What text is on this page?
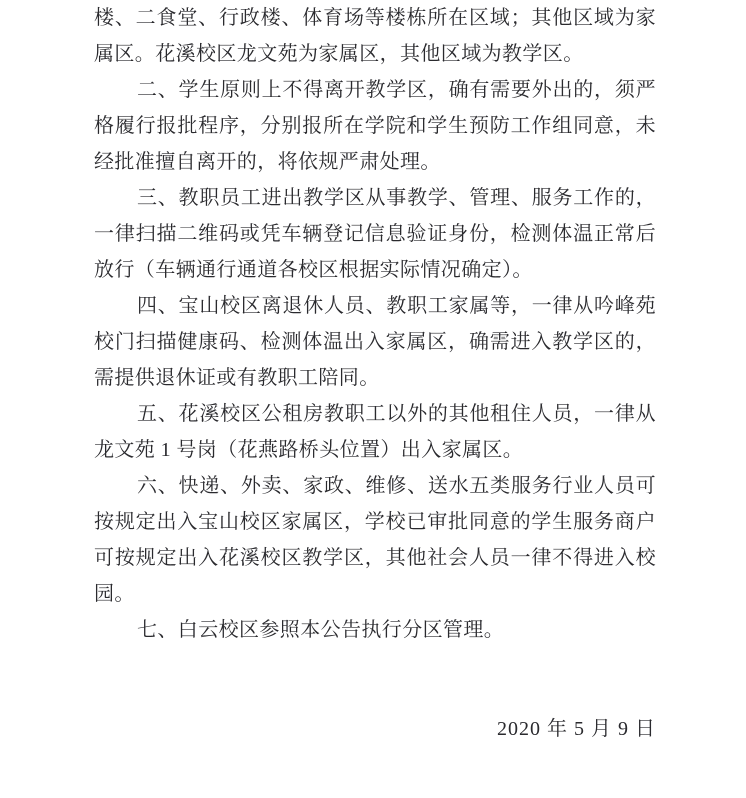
楼、二食堂、行政楼、体育场等楼栋所在区域；其他区域为家
属区。花溪校区龙文苑为家属区，其他区域为教学区。
二、学生原则上不得离开教学区，确有需要外出的，须严
格履行报批程序，分别报所在学院和学生预防工作组同意，未
经批准擅自离开的，将依规严肃处理。
三、教职员工进出教学区从事教学、管理、服务工作的，
一律扫描二维码或凭车辆登记信息验证身份，检测体温正常后
放行（车辆通行通道各校区根据实际情况确定）。
四、宝山校区离退休人员、教职工家属等，一律从吟峰苑
校门扫描健康码、检测体温出入家属区，确需进入教学区的，
需提供退休证或有教职工陪同。
五、花溪校区公租房教职工以外的其他租住人员，一律从
龙文苑 1 号岗（花燕路桥头位置）出入家属区。
六、快递、外卖、家政、维修、送水五类服务行业人员可
按规定出入宝山校区家属区，学校已审批同意的学生服务商户
可按规定出入花溪校区教学区，其他社会人员一律不得进入校
园。
七、白云校区参照本公告执行分区管理。
2020 年 5 月 9 日
